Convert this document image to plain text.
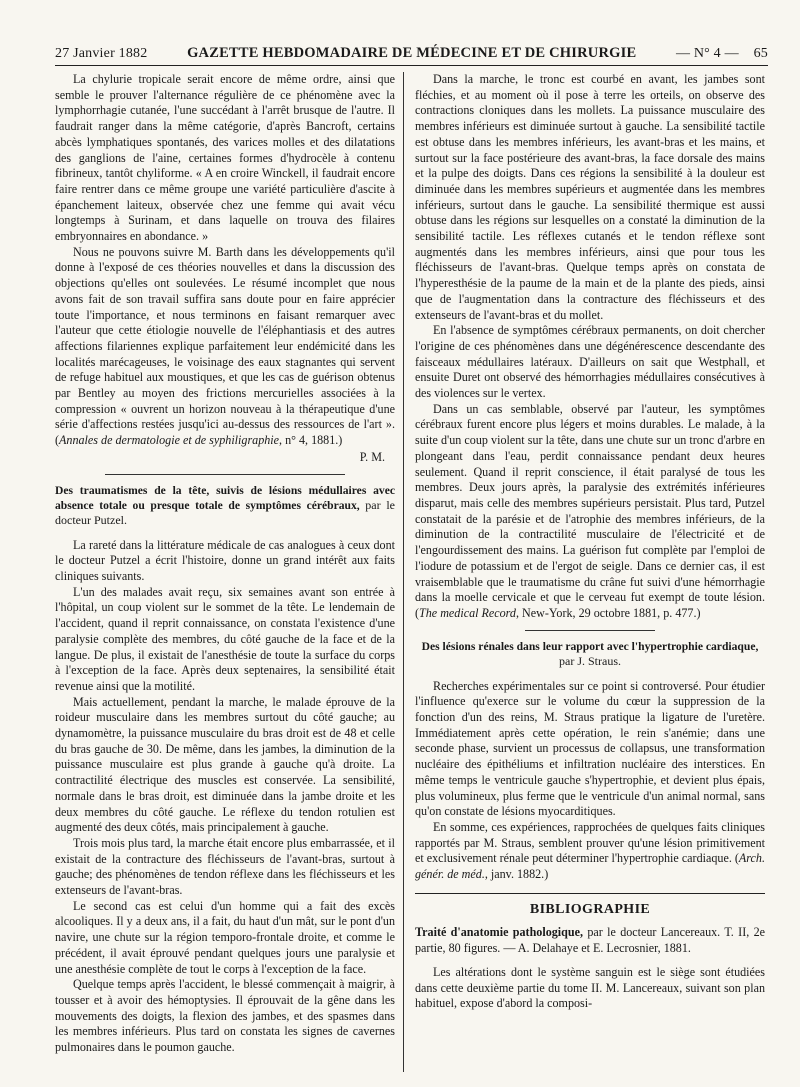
27 Janvier 1882	GAZETTE HEBDOMADAIRE DE MÉDECINE ET DE CHIRURGIE	— N° 4 — 65

La chylurie tropicale serait encore de même ordre, ainsi que semble le prouver l'alternance régulière de ce phénomène avec la lymphorrhagie cutanée, l'une succédant à l'arrêt brusque de l'autre. Il faudrait ranger dans la même catégorie, d'après Bancroft, certains abcès lymphatiques spontanés, des varices molles et des dilatations des ganglions de l'aine, certaines formes d'hydrocèle à contenu fibrineux, tantôt chyliforme. « A en croire Winckell, il faudrait encore faire rentrer dans ce même groupe une variété particulière d'ascite à épanchement laiteux, observée chez une femme qui avait vécu longtemps à Surinam, et dans laquelle on trouva des filaires embryonnaires en abondance. »

Nous ne pouvons suivre M. Barth dans les développements qu'il donne à l'exposé de ces théories nouvelles et dans la discussion des objections qu'elles ont soulevées. Le résumé incomplet que nous avons fait de son travail suffira sans doute pour en faire apprécier toute l'importance, et nous terminons en faisant remarquer avec l'auteur que cette étiologie nouvelle de l'éléphantiasis et des autres affections filariennes explique parfaitement leur endémicité dans les localités marécageuses, le voisinage des eaux stagnantes qui servent de refuge habituel aux moustiques, et que les cas de guérison obtenus par Bentley au moyen des frictions mercurielles associées à la compression « ouvrent un horizon nouveau à la thérapeutique d'une série d'affections restées jusqu'ici au-dessus des ressources de l'art ». (Annales de dermatologie et de syphiligraphie, n° 4, 1881.)

P. M.

Des traumatismes de la tête, suivis de lésions médullaires avec absence totale ou presque totale de symptômes cérébraux, par le docteur Putzel.

La rareté dans la littérature médicale de cas analogues à ceux dont le docteur Putzel a écrit l'histoire, donne un grand intérêt aux faits cliniques suivants.

L'un des malades avait reçu, six semaines avant son entrée à l'hôpital, un coup violent sur le sommet de la tête. Le lendemain de l'accident, quand il reprit connaissance, on constata l'existence d'une paralysie complète des membres, du côté gauche de la face et de la langue. De plus, il existait de l'anesthésie de toute la surface du corps à l'exception de la face. Après deux septenaires, la sensibilité était revenue ainsi que la motilité.

Mais actuellement, pendant la marche, le malade éprouve de la roideur musculaire dans les membres surtout du côté gauche; au dynamomètre, la puissance musculaire du bras droit est de 48 et celle du bras gauche de 30. De même, dans les jambes, la diminution de la puissance musculaire est plus grande à gauche qu'à droite. La contractilité électrique des muscles est conservée. La sensibilité, normale dans le bras droit, est diminuée dans la jambe droite et les deux membres du côté gauche. Le réflexe du tendon rotulien est augmenté des deux côtés, mais principalement à gauche.

Trois mois plus tard, la marche était encore plus embarrassée, et il existait de la contracture des fléchisseurs de l'avant-bras, surtout à gauche; des phénomènes de tendon réflexe dans les fléchisseurs et les extenseurs de l'avant-bras.

Le second cas est celui d'un homme qui a fait des excès alcooliques. Il y a deux ans, il a fait, du haut d'un mât, sur le pont d'un navire, une chute sur la région temporo-frontale droite, et comme le précédent, il avait éprouvé pendant quelques jours une paralysie et une anesthésie complète de tout le corps à l'exception de la face.

Quelque temps après l'accident, le blessé commençait à maigrir, à tousser et à avoir des hémoptysies. Il éprouvait de la gêne dans les mouvements des doigts, la flexion des jambes, et des spasmes dans les membres inférieurs. Plus tard on constata les signes de cavernes pulmonaires dans le poumon gauche.

Dans la marche, le tronc est courbé en avant, les jambes sont fléchies, et au moment où il pose à terre les orteils, on observe des contractions cloniques dans les mollets. La puissance musculaire des membres inférieurs est diminuée surtout à gauche. La sensibilité tactile est obtuse dans les membres inférieurs, les avant-bras et les mains, et surtout sur la face postérieure des avant-bras, la face dorsale des mains et la pulpe des doigts. Dans ces régions la sensibilité à la douleur est diminuée dans les membres supérieurs et augmentée dans les membres inférieurs, surtout dans le gauche. La sensibilité thermique est aussi obtuse dans les régions sur lesquelles on a constaté la diminution de la sensibilité tactile. Les réflexes cutanés et le tendon réflexe sont augmentés dans les membres inférieurs, ainsi que pour tous les fléchisseurs de l'avant-bras. Quelque temps après on constata de l'hyperesthésie de la paume de la main et de la plante des pieds, ainsi que de l'augmentation dans la contracture des fléchisseurs et des extenseurs de l'avant-bras et du mollet.

En l'absence de symptômes cérébraux permanents, on doit chercher l'origine de ces phénomènes dans une dégénérescence descendante des faisceaux médullaires latéraux. D'ailleurs on sait que Westphall, et ensuite Duret ont observé des hémorrhagies médullaires consécutives à des violences sur le vertex.

Dans un cas semblable, observé par l'auteur, les symptômes cérébraux furent encore plus légers et moins durables. Le malade, à la suite d'un coup violent sur la tête, dans une chute sur un tronc d'arbre en plongeant dans l'eau, perdit connaissance pendant deux heures seulement. Quand il reprit conscience, il était paralysé de tous les membres. Deux jours après, la paralysie des extrémités inférieures disparut, mais celle des membres supérieurs persistait. Plus tard, Putzel constatait de la parésie et de l'atrophie des membres inférieurs, de la diminution de la contractilité musculaire de l'électricité et de l'engourdissement des mains. La guérison fut complète par l'emploi de l'iodure de potassium et de l'ergot de seigle. Dans ce dernier cas, il est vraisemblable que le traumatisme du crâne fut suivi d'une hémorrhagie dans la moelle cervicale et que le cerveau fut exempt de toute lésion. (The medical Record, New-York, 29 octobre 1881, p. 477.)

Des lésions rénales dans leur rapport avec l'hypertrophie cardiaque, par J. Straus.

Recherches expérimentales sur ce point si controversé. Pour étudier l'influence qu'exerce sur le volume du cœur la suppression de la fonction d'un des reins, M. Straus pratique la ligature de l'uretère. Immédiatement après cette opération, le rein s'anémie; dans une seconde phase, survient un processus de collapsus, une transformation nucléaire des épithéliums et infiltration nucléaire des interstices. En même temps le ventricule gauche s'hypertrophie, et devient plus épais, plus volumineux, plus ferme que le ventricule d'un animal normal, sans qu'on constate de lésions myocarditiques.

En somme, ces expériences, rapprochées de quelques faits cliniques rapportés par M. Straus, semblent prouver qu'une lésion primitivement et exclusivement rénale peut déterminer l'hypertrophie cardiaque. (Arch. génér. de méd., janv. 1882.)

BIBLIOGRAPHIE

Traité d'anatomie pathologique, par le docteur Lancereaux. T. II, 2e partie, 80 figures. — A. Delahaye et E. Lecrosnier, 1881.

Les altérations dont le système sanguin est le siège sont étudiées dans cette deuxième partie du tome II. M. Lancereaux, suivant son plan habituel, expose d'abord la composi-
